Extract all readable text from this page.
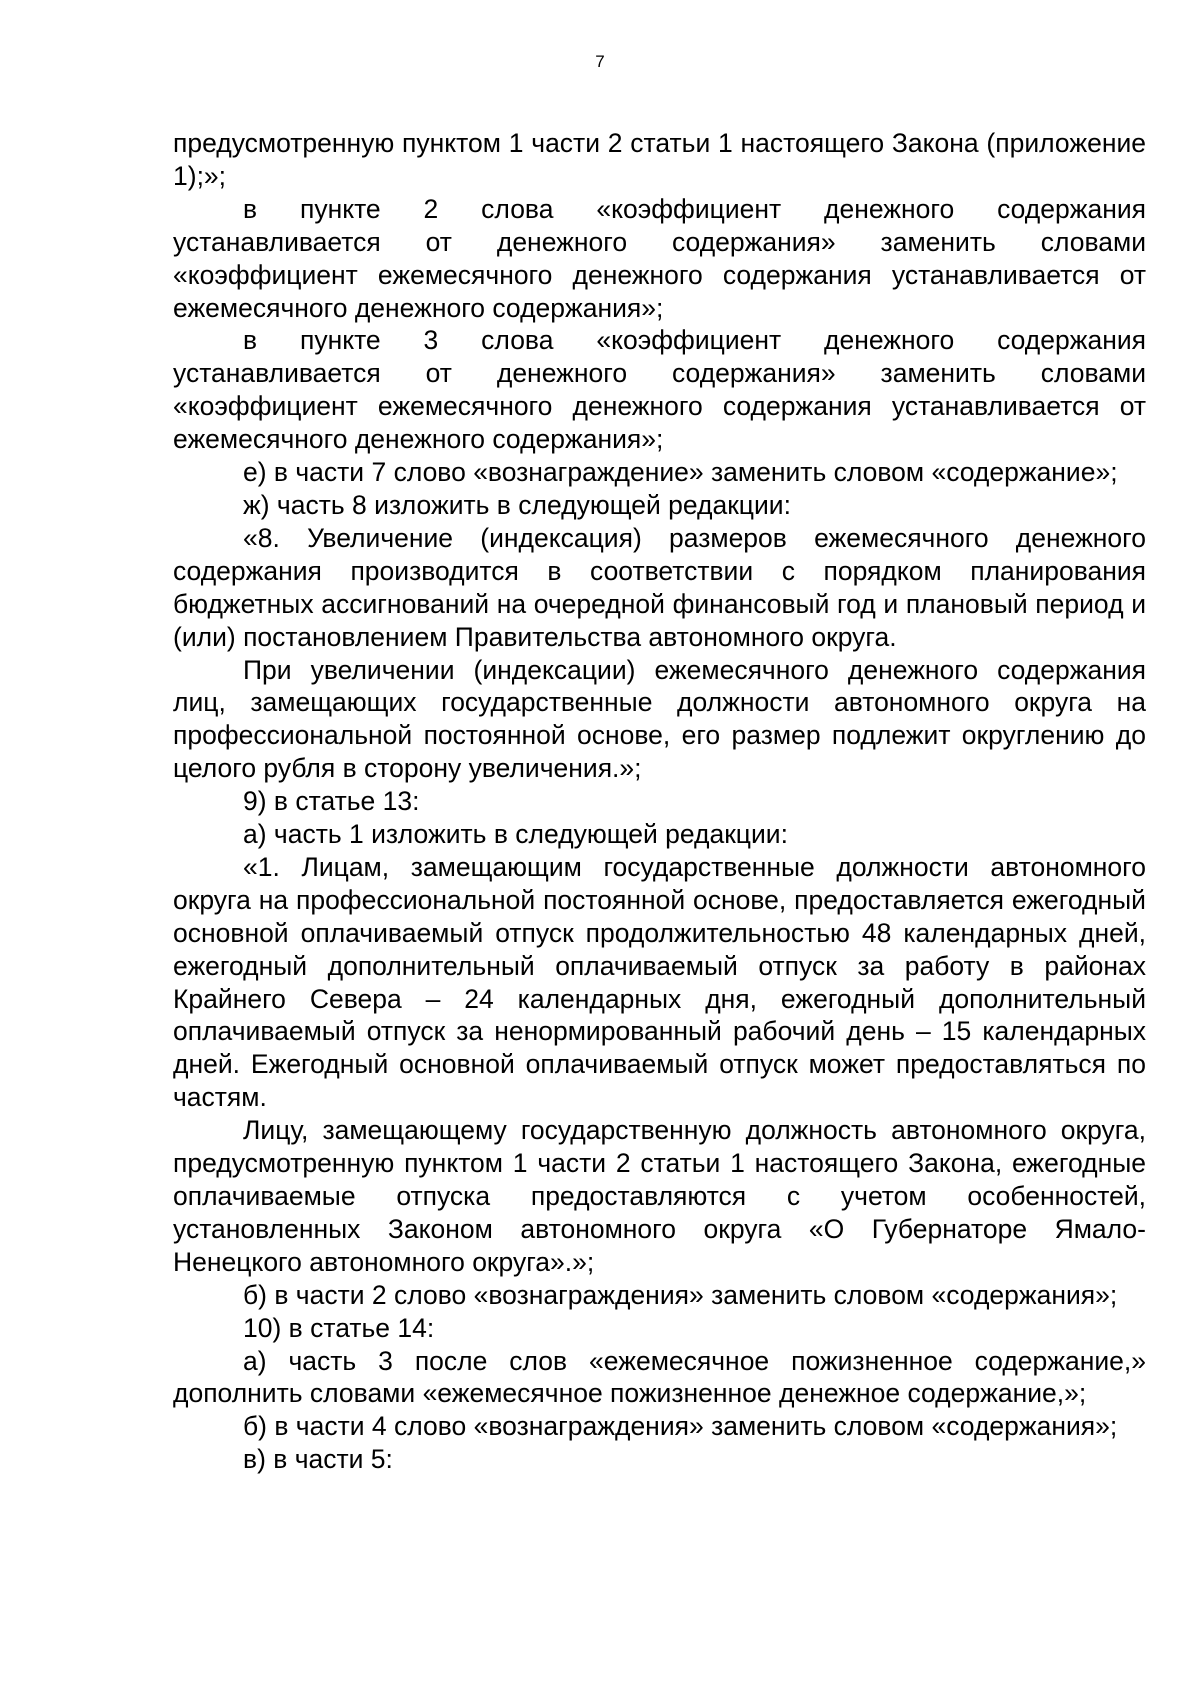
7

предусмотренную пунктом 1 части 2 статьи 1 настоящего Закона (приложение 1);»;

в пункте 2 слова «коэффициент денежного содержания устанавливается от денежного содержания» заменить словами «коэффициент ежемесячного денежного содержания устанавливается от ежемесячного денежного содержания»;

в пункте 3 слова «коэффициент денежного содержания устанавливается от денежного содержания» заменить словами «коэффициент ежемесячного денежного содержания устанавливается от ежемесячного денежного содержания»;

е) в части 7 слово «вознаграждение» заменить словом «содержание»;

ж) часть 8 изложить в следующей редакции:

«8. Увеличение (индексация) размеров ежемесячного денежного содержания производится в соответствии с порядком планирования бюджетных ассигнований на очередной финансовый год и плановый период и (или) постановлением Правительства автономного округа.

При увеличении (индексации) ежемесячного денежного содержания лиц, замещающих государственные должности автономного округа на профессиональной постоянной основе, его размер подлежит округлению до целого рубля в сторону увеличения.»;

9) в статье 13:

а) часть 1 изложить в следующей редакции:

«1. Лицам, замещающим государственные должности автономного округа на профессиональной постоянной основе, предоставляется ежегодный основной оплачиваемый отпуск продолжительностью 48 календарных дней, ежегодный дополнительный оплачиваемый отпуск за работу в районах Крайнего Севера – 24 календарных дня, ежегодный дополнительный оплачиваемый отпуск за ненормированный рабочий день – 15 календарных дней. Ежегодный основной оплачиваемый отпуск может предоставляться по частям.

Лицу, замещающему государственную должность автономного округа, предусмотренную пунктом 1 части 2 статьи 1 настоящего Закона, ежегодные оплачиваемые отпуска предоставляются с учетом особенностей, установленных Законом автономного округа «О Губернаторе Ямало-Ненецкого автономного округа».»;

б) в части 2 слово «вознаграждения» заменить словом «содержания»;

10) в статье 14:

а) часть 3 после слов «ежемесячное пожизненное содержание,» дополнить словами «ежемесячное пожизненное денежное содержание,»;

б) в части 4 слово «вознаграждения» заменить словом «содержания»;

в) в части 5:
